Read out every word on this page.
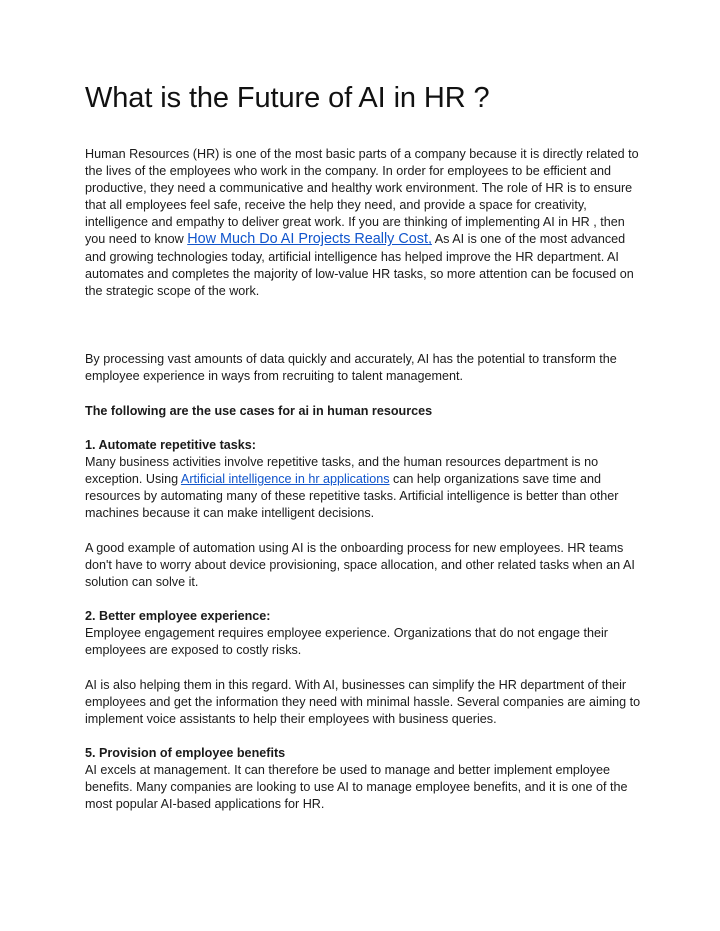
What is the Future of AI in HR ?

Human Resources (HR) is one of the most basic parts of a company because it is directly related to the lives of the employees who work in the company. In order for employees to be efficient and productive, they need a communicative and healthy work environment. The role of HR is to ensure that all employees feel safe, receive the help they need, and provide a space for creativity, intelligence and empathy to deliver great work. If you are thinking of implementing AI in HR , then you need to know How Much Do AI Projects Really Cost, As AI is one of the most advanced and growing technologies today, artificial intelligence has helped improve the HR department. AI automates and completes the majority of low-value HR tasks, so more attention can be focused on the strategic scope of the work.

By processing vast amounts of data quickly and accurately, AI has the potential to transform the employee experience in ways from recruiting to talent management.

The following are the use cases for ai in human resources

1. Automate repetitive tasks:

Many business activities involve repetitive tasks, and the human resources department is no exception. Using Artificial intelligence in hr applications can help organizations save time and resources by automating many of these repetitive tasks. Artificial intelligence is better than other machines because it can make intelligent decisions.

A good example of automation using AI is the onboarding process for new employees. HR teams don't have to worry about device provisioning, space allocation, and other related tasks when an AI solution can solve it.

2. Better employee experience:

Employee engagement requires employee experience. Organizations that do not engage their employees are exposed to costly risks.

AI is also helping them in this regard. With AI, businesses can simplify the HR department of their employees and get the information they need with minimal hassle. Several companies are aiming to implement voice assistants to help their employees with business queries.

5. Provision of employee benefits

AI excels at management. It can therefore be used to manage and better implement employee benefits. Many companies are looking to use AI to manage employee benefits, and it is one of the most popular AI-based applications for HR.
